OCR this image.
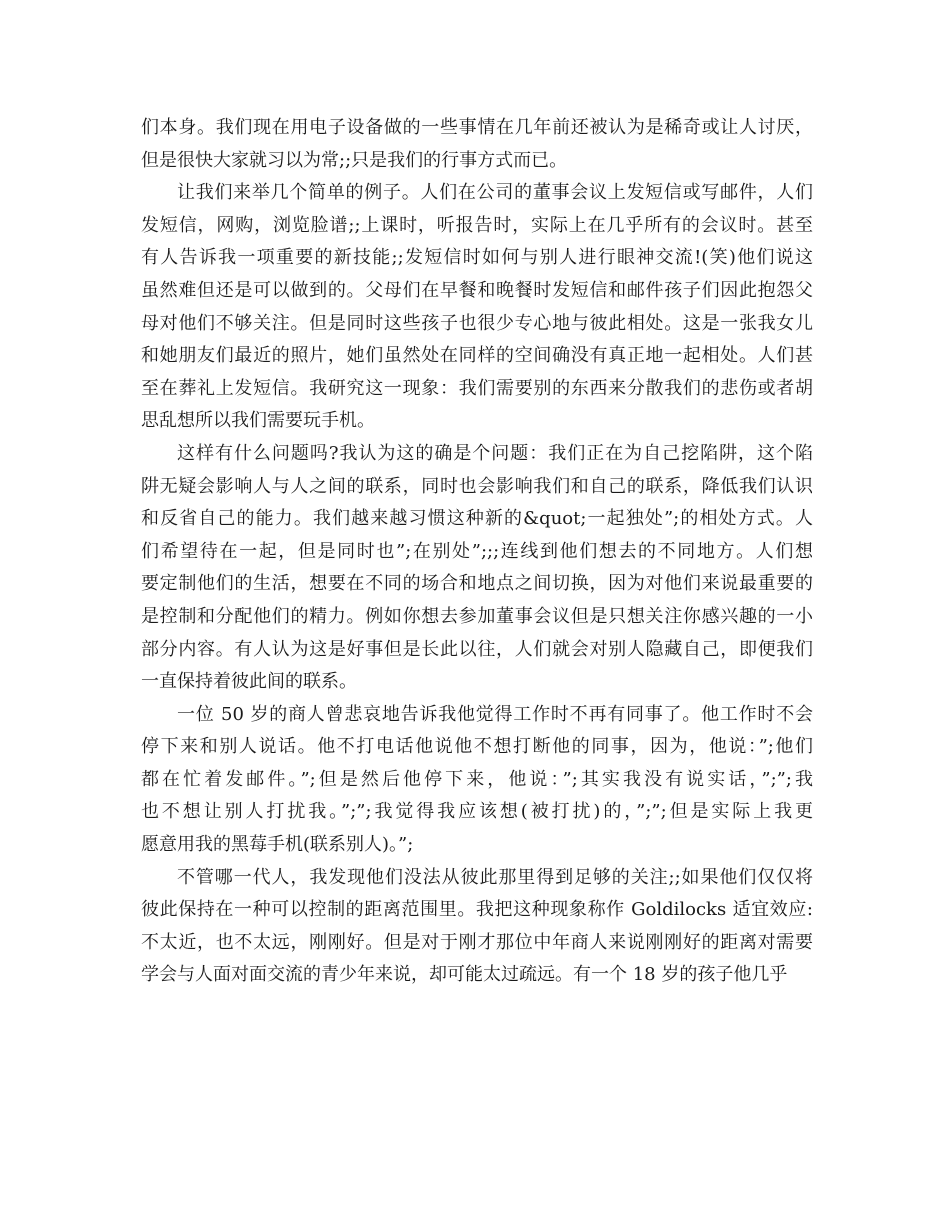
们本身。我们现在用电子设备做的一些事情在几年前还被认为是稀奇或让人讨厌，
但是很快大家就习以为常;;只是我们的行事方式而已。
让我们来举几个简单的例子。人们在公司的董事会议上发短信或写邮件，人们
发短信，网购，浏览脸谱;;上课时，听报告时，实际上在几乎所有的会议时。甚至
有人告诉我一项重要的新技能;;发短信时如何与别人进行眼神交流!(笑)他们说这
虽然难但还是可以做到的。父母们在早餐和晚餐时发短信和邮件孩子们因此抱怨父
母对他们不够关注。但是同时这些孩子也很少专心地与彼此相处。这是一张我女儿
和她朋友们最近的照片，她们虽然处在同样的空间确没有真正地一起相处。人们甚
至在葬礼上发短信。我研究这一现象：我们需要别的东西来分散我们的悲伤或者胡
思乱想所以我们需要玩手机。
这样有什么问题吗?我认为这的确是个问题：我们正在为自己挖陷阱，这个陷
阱无疑会影响人与人之间的联系，同时也会影响我们和自己的联系，降低我们认识
和反省自己的能力。我们越来越习惯这种新的&quot;一起独处”;的相处方式。人
们希望待在一起，但是同时也”;在别处”;;;连线到他们想去的不同地方。人们想
要定制他们的生活，想要在不同的场合和地点之间切换，因为对他们来说最重要的
是控制和分配他们的精力。例如你想去参加董事会议但是只想关注你感兴趣的一小
部分内容。有人认为这是好事但是长此以往，人们就会对别人隐藏自己，即便我们
一直保持着彼此间的联系。
一位 50 岁的商人曾悲哀地告诉我他觉得工作时不再有同事了。他工作时不会
停下来和别人说话。他不打电话他说他不想打断他的同事，因为，他说：”;他们
都在忙着发邮件。”;但是然后他停下来，他说：”;其实我没有说实话，”;”;我
也不想让别人打扰我。”;”;我觉得我应该想(被打扰)的，”;”;但是实际上我更
愿意用我的黑莓手机(联系别人)。”;
不管哪一代人，我发现他们没法从彼此那里得到足够的关注;;如果他们仅仅将
彼此保持在一种可以控制的距离范围里。我把这种现象称作 Goldilocks 适宜效应:
不太近，也不太远，刚刚好。但是对于刚才那位中年商人来说刚刚好的距离对需要
学会与人面对面交流的青少年来说，却可能太过疏远。有一个 18 岁的孩子他几乎
